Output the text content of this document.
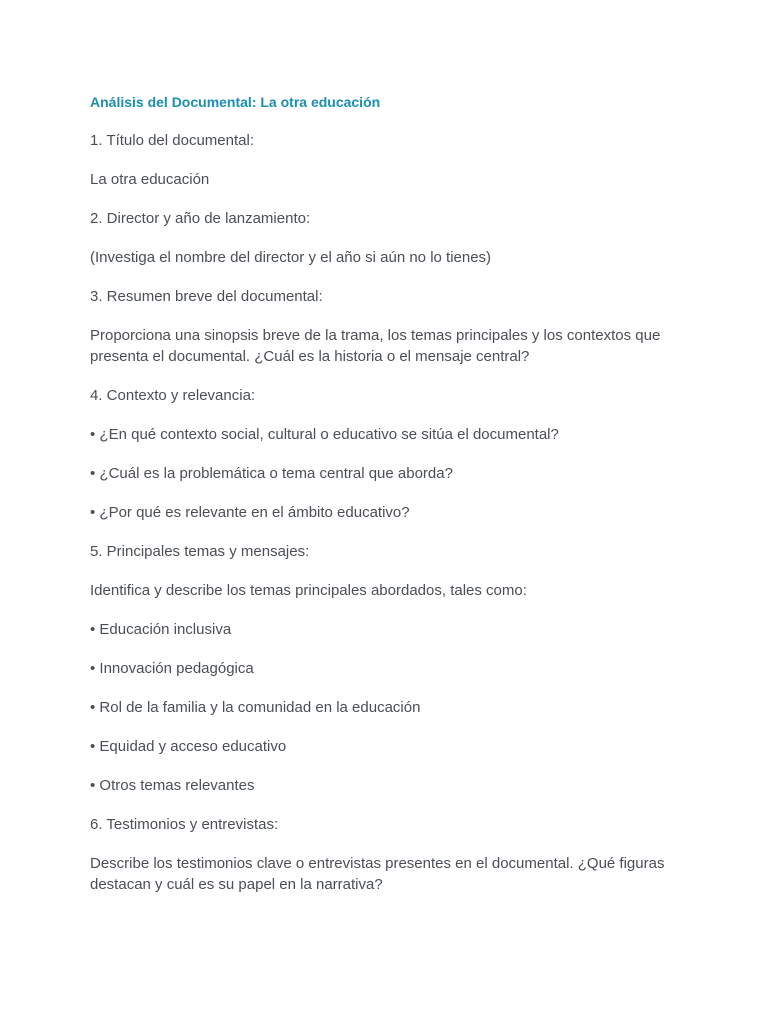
Análisis del Documental: La otra educación

1. Título del documental:

La otra educación

2. Director y año de lanzamiento:

(Investiga el nombre del director y el año si aún no lo tienes)

3. Resumen breve del documental:

Proporciona una sinopsis breve de la trama, los temas principales y los contextos que presenta el documental. ¿Cuál es la historia o el mensaje central?

4. Contexto y relevancia:

• ¿En qué contexto social, cultural o educativo se sitúa el documental?

• ¿Cuál es la problemática o tema central que aborda?

• ¿Por qué es relevante en el ámbito educativo?

5. Principales temas y mensajes:

Identifica y describe los temas principales abordados, tales como:

• Educación inclusiva

• Innovación pedagógica

• Rol de la familia y la comunidad en la educación

• Equidad y acceso educativo

• Otros temas relevantes

6. Testimonios y entrevistas:

Describe los testimonios clave o entrevistas presentes en el documental. ¿Qué figuras destacan y cuál es su papel en la narrativa?
